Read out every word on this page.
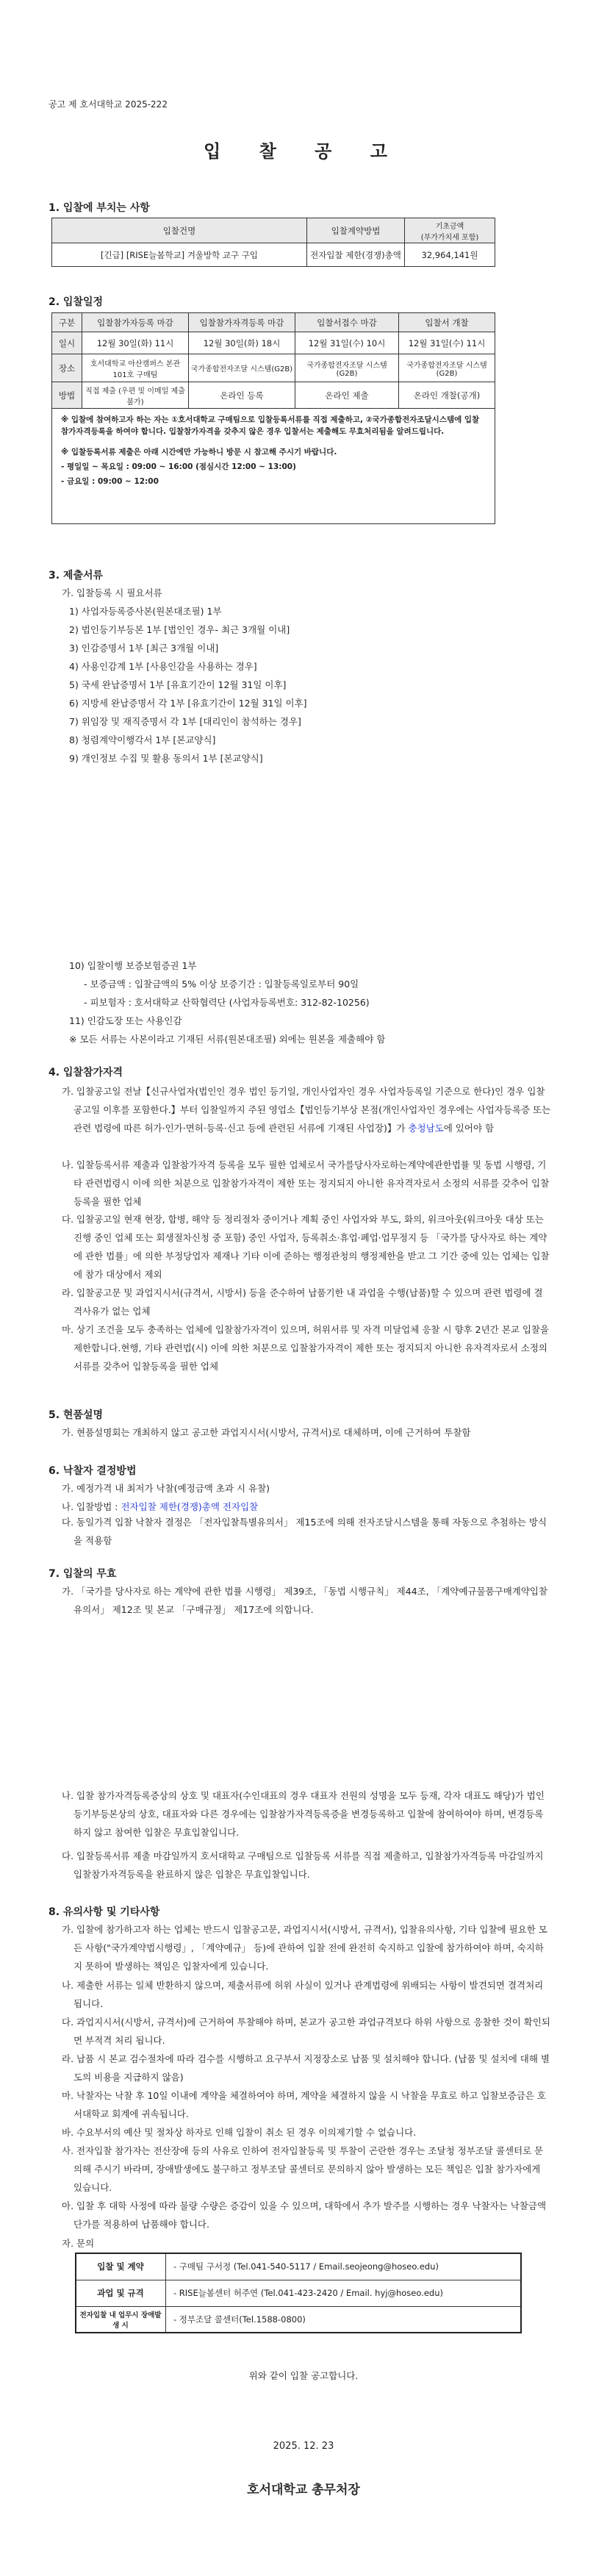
공고 제 호서대학교 2025-222
입 찰 공 고
1. 입찰에 부치는 사항
입찰건명	입찰계약방법	기초금액
(부가가치세 포함)
[긴급] [RISE늘봄학교] 겨울방학 교구 구입	전자입찰 제한(경쟁)총액	32,964,141원
2. 입찰일정
구분	입찰참가자등록 마감	입찰참가자격등록 마감	입찰서접수 마감	입찰서 개찰
일시	12월 30일(화) 11시	12월 30일(화) 18시	12월 31일(수) 10시	12월 31일(수) 11시
장소	호서대학교 아산캠퍼스 본관 101호 구매팀	국가종합전자조달 시스템(G2B)	국가종합전자조달 시스템(G2B)	국가종합전자조달 시스템(G2B)
방법	직접 제출 (우편 및 이메일 제출 불가)	온라인 등록	온라인 제출	온라인 개찰(공개)
※ 입찰에 참여하고자 하는 자는 ①호서대학교 구매팀으로 입찰등록서류를 직접 제출하고, ②국가종합전자조달시스템에 입찰참가자격등록을 하여야 합니다. 입찰참가자격을 갖추지 않은 경우 입찰서는 제출해도 무효처리됨을 알려드립니다.
※ 입찰등록서류 제출은 아래 시간에만 가능하니 방문 시 참고해 주시기 바랍니다.
- 평일일 ~ 목요일 : 09:00 ~ 16:00 (점심시간 12:00 ~ 13:00)
- 금요일 : 09:00 ~ 12:00
3. 제출서류
가. 입찰등록 시 필요서류
1) 사업자등록증사본(원본대조필) 1부
2) 법인등기부등본 1부 [법인인 경우- 최근 3개월 이내]
3) 인감증명서 1부 [최근 3개월 이내]
4) 사용인감계 1부 [사용인감을 사용하는 경우]
5) 국세 완납증명서 1부 [유효기간이 12월 31일 이후]
6) 지방세 완납증명서 각 1부 [유효기간이 12월 31일 이후]
7) 위임장 및 재직증명서 각 1부 [대리인이 참석하는 경우]
8) 청렴계약이행각서 1부 [본교양식]
9) 개인정보 수집 및 활용 동의서 1부 [본교양식]
10) 입찰이행 보증보험증권 1부
- 보증금액 : 입찰금액의 5% 이상 보증기간 : 입찰등록일로부터 90일
- 피보험자 : 호서대학교 산학협력단 (사업자등록번호: 312-82-10256)
11) 인감도장 또는 사용인감
※ 모든 서류는 사본이라고 기재된 서류(원본대조필) 외에는 원본을 제출해야 함
4. 입찰참가자격
가. 입찰공고일 전날【신규사업자(법인인 경우 법인 등기일, 개인사업자인 경우 사업자등록일 기준으로 한다)인 경우 입찰공고일 이후를 포함한다.】부터 입찰일까지 주된 영업소【법인등기부상 본점(개인사업자인 경우에는 사업자등록증 또는 관련 법령에 따른 허가·인가·면허·등록·신고 등에 관련된 서류에 기재된 사업장)】가 충청남도에 있어야 함
나. 입찰등록서류 제출과 입찰참가자격 등록을 모두 필한 업체로서 국가를당사자로하는계약에관한법률 및 동법 시행령, 기타 관련법령시 이에 의한 처분으로 입찰참가자격이 제한 또는 정지되지 아니한 유자격자로서 소정의 서류를 갖추어 입찰등록을 필한 업체
다. 입찰공고일 현재 현장, 합병, 해약 등 정리절차 중이거나 계획 중인 사업자와 부도, 화의, 워크아웃(워크아웃 대상 또는 진행 중인 업체 또는 회생절차신청 중 포함) 중인 사업자, 등록취소·휴업·폐업·업무정지 등 「국가를 당사자로 하는 계약에 관한 법률」에 의한 부정당업자 제재나 기타 이에 준하는 행정관청의 행정제한을 받고 그 기간 중에 있는 업체는 입찰에 참가 대상에서 제외
라. 입찰공고문 및 과업지시서(규격서, 시방서) 등을 준수하여 납품기한 내 과업을 수행(납품)할 수 있으며 관련 법령에 결격사유가 없는 업체
마. 상기 조건을 모두 충족하는 업체에 입찰참가자격이 있으며, 허위서류 및 자격 미달업체 응찰 시 향후 2년간 본교 입찰을 제한합니다.현행, 기타 관련법(시) 이에 의한 처분으로 입찰참가자격이 제한 또는 정지되지 아니한 유자격자로서 소정의 서류를 갖추어 입찰등록을 필한 업체
5. 현품설명
가. 현품설명회는 개최하지 않고 공고한 과업지시서(시방서, 규격서)로 대체하며, 이에 근거하여 투찰함
6. 낙찰자 결정방법
가. 예정가격 내 최저가 낙찰(예정금액 초과 시 유찰)
나. 입찰방법 : 전자입찰 제한(경쟁)총액 전자입찰
다. 동일가격 입찰 낙찰자 결정은 「전자입찰특별유의서」 제15조에 의해 전자조달시스템을 통해 자동으로 추첨하는 방식을 적용함
7. 입찰의 무효
가. 「국가를 당사자로 하는 계약에 관한 법률 시행령」 제39조, 「동법 시행규칙」 제44조, 「계약예규물품구매계약입찰유의서」 제12조 및 본교 「구매규정」 제17조에 의합니다.
나. 입찰 참가자격등록증상의 상호 및 대표자(수인대표의 경우 대표자 전원의 성명을 모두 등재, 각자 대표도 해당)가 법인등기부등본상의 상호, 대표자와 다른 경우에는 입찰참가자격등록증을 변경등록하고 입찰에 참여하여야 하며, 변경등록하지 않고 참여한 입찰은 무효입찰입니다.
다. 입찰등록서류 제출 마감일까지 호서대학교 구매팀으로 입찰등록 서류를 직접 제출하고, 입찰참가자격등록 마감일까지 입찰참가자격등록을 완료하지 않은 입찰은 무효입찰입니다.
8. 유의사항 및 기타사항
가. 입찰에 참가하고자 하는 업체는 반드시 입찰공고문, 과업지시서(시방서, 규격서), 입찰유의사항, 기타 입찰에 필요한 모든 사항("국가계약법시행령」, 「계약예규」 등)에 관하여 입찰 전에 완전히 숙지하고 입찰에 참가하여야 하며, 숙지하지 못하여 발생하는 책임은 입찰자에게 있습니다.
나. 제출한 서류는 일체 반환하지 않으며, 제출서류에 허위 사실이 있거나 관계법령에 위배되는 사항이 발견되면 결격처리 됩니다.
다. 과업지시서(시방서, 규격서)에 근거하여 투찰해야 하며, 본교가 공고한 과업규격보다 하위 사항으로 응찰한 것이 확인되면 부적격 처리 됩니다.
라. 납품 시 본교 검수절차에 따라 검수를 시행하고 요구부서 지정장소로 납품 및 설치해야 합니다. (납품 및 설치에 대해 별도의 비용을 지급하지 않음)
마. 낙찰자는 낙찰 후 10일 이내에 계약을 체결하여야 하며, 계약을 체결하지 않을 시 낙찰을 무효로 하고 입찰보증금은 호서대학교 회계에 귀속됩니다.
바. 수요부서의 예산 및 절차상 하자로 인해 입찰이 취소 된 경우 이의제기할 수 없습니다.
사. 전자입찰 참가자는 전산장애 등의 사유로 인하여 전자입찰등록 및 투찰이 곤란한 경우는 조달청 정부조달 콜센터로 문의해 주시기 바라며, 장애발생에도 불구하고 정부조달 콜센터로 문의하지 않아 발생하는 모든 책임은 입찰 참가자에게 있습니다.
아. 입찰 후 대학 사정에 따라 물량 수량은 증감이 있을 수 있으며, 대학에서 추가 발주를 시행하는 경우 낙찰자는 낙찰금액단가를 적용하여 납품해야 합니다.
자. 문의
입찰 및 계약	- 구매팀 구서정 (Tel.041-540-5117 / Email.seojeong@hoseo.edu)
과업 및 규격	- RISE늘봄센터 허주연 (Tel.041-423-2420 / Email. hyj@hoseo.edu)
전자입찰 내 업무시 장애발생 시	- 정부조달 콜센터(Tel.1588-0800)
위와 같이 입찰 공고합니다.
2025. 12. 23
호서대학교 총무처장
